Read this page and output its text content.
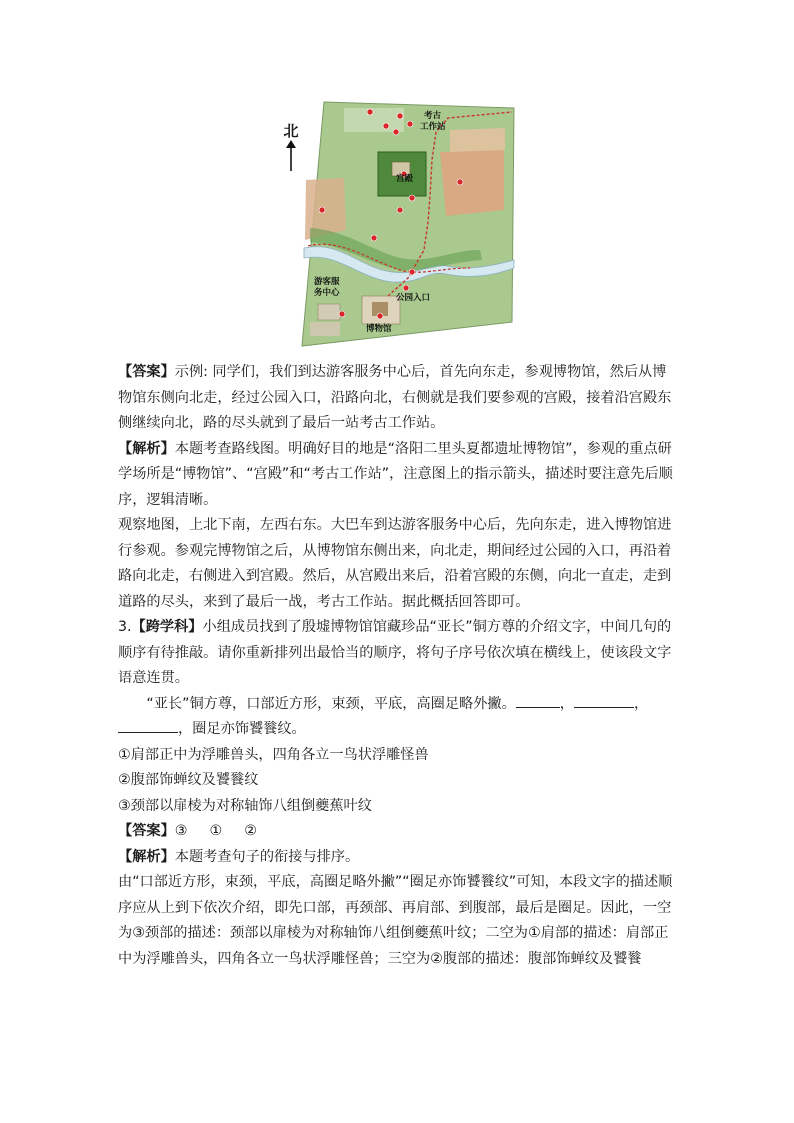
北
考古
工作站
宫殿
游客服
务中心	公园入口
博物馆

【答案】示例: 同学们，我们到达游客服务中心后，首先向东走，参观博物馆，然后从博物馆东侧向北走，经过公园入口，沿路向北，右侧就是我们要参观的宫殿，接着沿宫殿东侧继续向北，路的尽头就到了最后一站考古工作站。

【解析】本题考查路线图。明确好目的地是“洛阳二里头夏都遗址博物馆”，参观的重点研学场所是“博物馆”、“宫殿”和“考古工作站”，注意图上的指示箭头，描述时要注意先后顺序，逻辑清晰。

观察地图，上北下南，左西右东。大巴车到达游客服务中心后，先向东走，进入博物馆进行参观。参观完博物馆之后，从博物馆东侧出来，向北走，期间经过公园的入口，再沿着路向北走，右侧进入到宫殿。然后，从宫殿出来后，沿着宫殿的东侧，向北一直走，走到道路的尽头，来到了最后一战，考古工作站。据此概括回答即可。

3.【跨学科】小组成员找到了殷墟博物馆馆藏珍品“亚长”铜方尊的介绍文字，中间几句的顺序有待推敲。请你重新排列出最恰当的顺序，将句子序号依次填在横线上，使该段文字语意连贯。

“亚长”铜方尊，口部近方形，束颈，平底，高圈足略外撇。	，	，，圈足亦饰饕餮纹。

①肩部正中为浮雕兽头，四角各立一鸟状浮雕怪兽

②腹部饰蝉纹及饕餮纹

③颈部以扉棱为对称轴饰八组倒夔蕉叶纹

【答案】③ ① ②

【解析】本题考查句子的衔接与排序。

由“口部近方形，束颈，平底，高圈足略外撇”“圈足亦饰饕餮纹”可知，本段文字的描述顺序应从上到下依次介绍，即先口部，再颈部、再肩部、到腹部，最后是圈足。因此，一空为③颈部的描述：颈部以扉棱为对称轴饰八组倒夔蕉叶纹；二空为①肩部的描述：肩部正中为浮雕兽头，四角各立一鸟状浮雕怪兽；三空为②腹部的描述：腹部饰蝉纹及饕餮
